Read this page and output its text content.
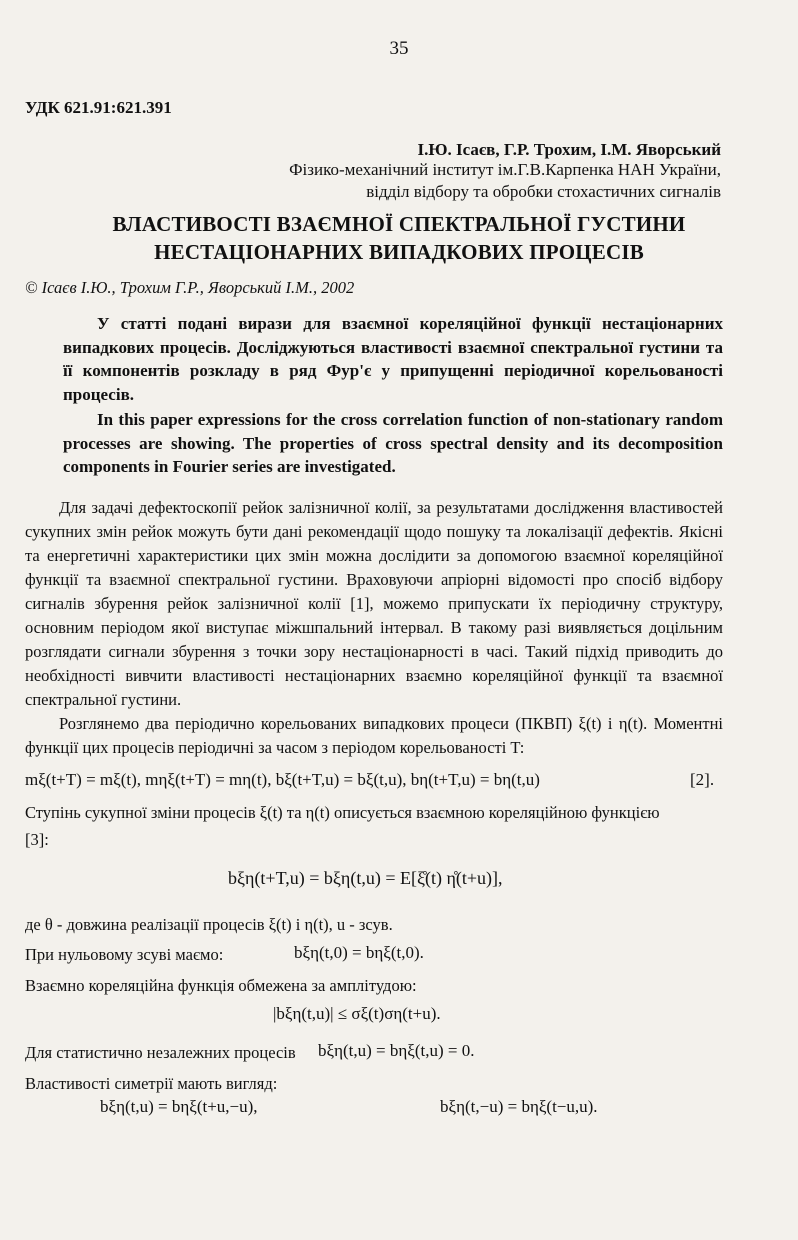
35
УДК 621.91:621.391
І.Ю. Ісаєв, Г.Р. Трохим, І.М. Яворський
Фізико-механічний інститут ім.Г.В.Карпенка НАН України,
відділ відбору та обробки стохастичних сигналів
ВЛАСТИВОСТІ ВЗАЄМНОЇ СПЕКТРАЛЬНОЇ ГУСТИНИ
НЕСТАЦІОНАРНИХ ВИПАДКОВИХ ПРОЦЕСІВ
© Ісаєв І.Ю., Трохим Г.Р., Яворський І.М., 2002
У статті подані вирази для взаємної кореляційної функції нестаціонарних випадкових процесів. Досліджуються властивості взаємної спектральної густини та її компонентів розкладу в ряд Фур'є у припущенні періодичної корельованості процесів.
In this paper expressions for the cross correlation function of non-stationary random processes are showing. The properties of cross spectral density and its decomposition components in Fourier series are investigated.
Для задачі дефектоскопії рейок залізничної колії, за результатами дослідження властивостей сукупних змін рейок можуть бути дані рекомендації щодо пошуку та локалізації дефектів. Якісні та енергетичні характеристики цих змін можна дослідити за допомогою взаємної кореляційної функції та взаємної спектральної густини. Враховуючи апріорні відомості про спосіб відбору сигналів збурення рейок залізничної колії [1], можемо припускати їх періодичну структуру, основним періодом якої виступає міжшпальний інтервал. В такому разі виявляється доцільним розглядати сигнали збурення з точки зору нестаціонарності в часі. Такий підхід приводить до необхідності вивчити властивості нестаціонарних взаємно кореляційної функції та взаємної спектральної густини.
Розглянемо два періодично корельованих випадкових процеси (ПКВП) ξ(t) і η(t). Моментні функції цих процесів періодичні за часом з періодом корельованості T:
mξ(t+T) = mξ(t), mηξ(t+T) = mη(t), bξ(t+T,u) = bξ(t,u), bη(t+T,u) = bη(t,u)	[2].
Ступінь сукупної зміни процесів ξ(t) та η(t) описується взаємною кореляційною функцією
[3]:
bξη(t+T,u) = bξη(t,u) = E[ξ̊(t) η̊(t+u)],
де θ - довжина реалізації процесів ξ(t) і η(t), u - зсув.
При нульовому зсуві маємо:	bξη(t,0) = bηξ(t,0).
Взаємно кореляційна функція обмежена за амплітудою:
|bξη(t,u)| ≤ σξ(t)ση(t+u).
Для статистично незалежних процесів bξη(t,u) = bηξ(t,u) = 0.
Властивості симетрії мають вигляд:
bξη(t,u) = bηξ(t+u,−u),	bξη(t,−u) = bηξ(t−u,u).
